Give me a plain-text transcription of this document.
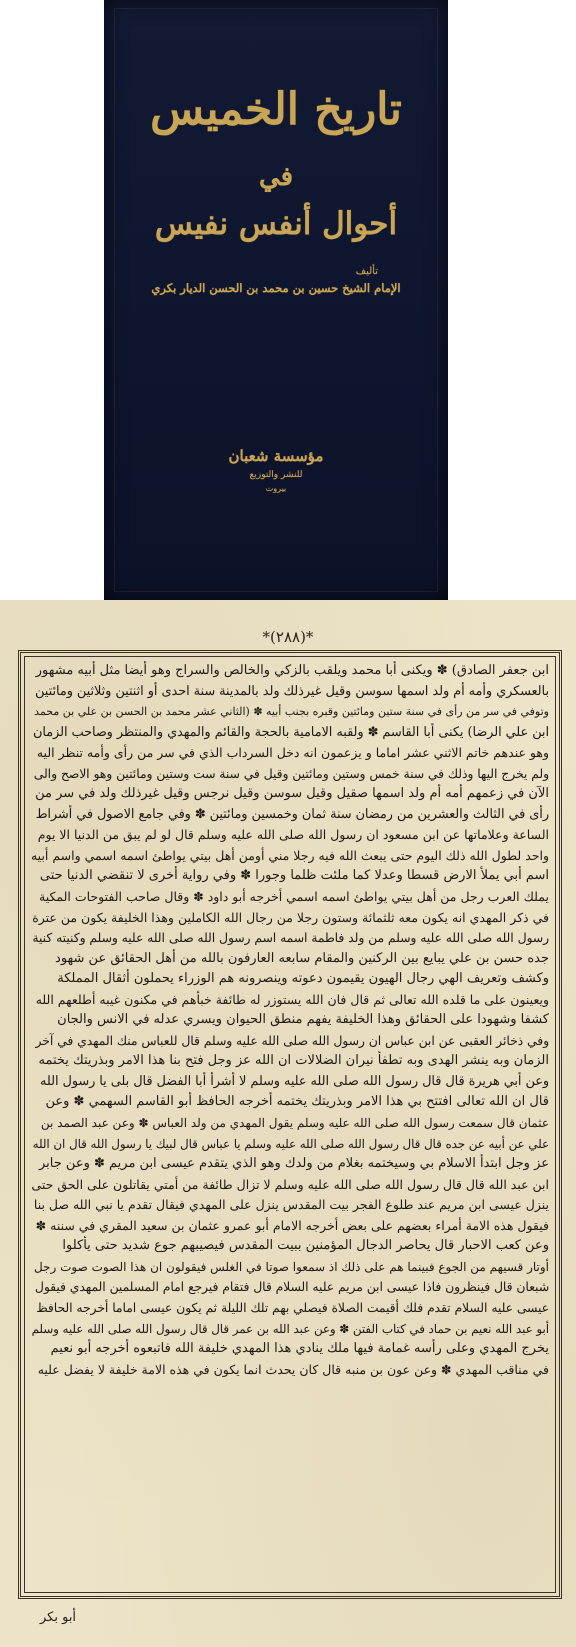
تاريخ الخميس
في
أحوال أنفس نفيس
تأليف
الإمام الشيخ حسين بن محمد بن الحسن الديار بكري
مؤسسة شعبان
للنشر والتوزيع
بيروت
*(٢٨٨)*
ابن جعفر الصادق) ✽ ويكنى أبا محمد ويلقب بالزكي والخالص والسراج وهو أيضا مثل أبيه مشهور
بالعسكري وأمه أم ولد اسمها سوسن وقيل غيرذلك ولد بالمدينة سنة احدى أو اثنتين وثلاثين ومائتين
وتوفي في سر من رأى في سنة ستين ومائتين وقبره بجنب أبيه ✽ (الثاني عشر محمد بن الحسن بن علي بن محمد
ابن علي الرضا) يكنى أبا القاسم ✽ ولقبه الامامية بالحجة والقائم والمهدي والمنتظر وصاحب الزمان
وهو عندهم خاتم الاثني عشر اماما و يزعمون انه دخل السرداب الذي في سر من رأى وأمه تنظر اليه
ولم يخرج اليها وذلك في سنة خمس وستين ومائتين وقيل في سنة ست وستين ومائتين وهو الاصح والى
الآن في زعمهم أمه أم ولد اسمها صقيل وقيل سوسن وقيل نرجس وقيل غيرذلك ولد في سر من
رأى في الثالث والعشرين من رمضان سنة ثمان وخمسين ومائتين ✽ وفي جامع الاصول في أشراط
الساعة وعلاماتها عن ابن مسعود ان رسول الله صلى الله عليه وسلم قال لو لم يبق من الدنيا الا يوم
واحد لطول الله ذلك اليوم حتى يبعث الله فيه رجلا مني أومن أهل بيتي يواطئ اسمه اسمي واسم أبيه
اسم أبي يملأ الارض قسطا وعدلا كما ملئت ظلما وجورا ✽ وفي رواية أخرى لا تنقضي الدنيا حتى
يملك العرب رجل من أهل بيتي يواطئ اسمه اسمي أخرجه أبو داود ✽ وقال صاحب الفتوحات المكية
في ذكر المهدي انه يكون معه ثلثمائة وستون رجلا من رجال الله الكاملين وهذا الخليفة يكون من عترة
رسول الله صلى الله عليه وسلم من ولد فاطمة اسمه اسم رسول الله صلى الله عليه وسلم وكنيته كنية
جده حسن بن علي يبايع بين الركنين والمقام سابعه العارفون بالله من أهل الحقائق عن شهود
وكشف وتعريف الهي رجال الهيون يقيمون دعوته وينصرونه هم الوزراء يحملون أثقال المملكة
ويعينون على ما قلده الله تعالى ثم قال فان الله يستوزر له طائفة خبأهم في مكنون غيبه أطلعهم الله
كشفا وشهودا على الحقائق وهذا الخليفة يفهم منطق الحيوان ويسري عدله في الانس والجان
وفي ذخائر العقبى عن ابن عباس ان رسول الله صلى الله عليه وسلم قال للعباس منك المهدي في آخر
الزمان وبه ينشر الهدى وبه تطفأ نيران الضلالات ان الله عز وجل فتح بنا هذا الامر وبذريتك يختمه
وعن أبي هريرة قال قال رسول الله صلى الله عليه وسلم لا أشرأ أبا الفضل قال بلى يا رسول الله
قال ان الله تعالى افتتح بي هذا الامر وبذريتك يختمه أخرجه الحافظ أبو القاسم السهمي ✽ وعن
عثمان قال سمعت رسول الله صلى الله عليه وسلم يقول المهدي من ولد العباس ✽ وعن عبد الصمد بن
علي عن أبيه عن جده قال قال رسول الله صلى الله عليه وسلم يا عباس قال لبيك يا رسول الله قال ان الله
عز وجل ابتدأ الاسلام بي وسيختمه بغلام من ولدك وهو الذي يتقدم عيسى ابن مريم ✽ وعن جابر
ابن عبد الله قال قال رسول الله صلى الله عليه وسلم لا تزال طائفة من أمتي يقاتلون على الحق حتى
ينزل عيسى ابن مريم عند طلوع الفجر بيت المقدس ينزل على المهدي فيقال تقدم يا نبي الله صل بنا
فيقول هذه الامة أمراء بعضهم على بعض أخرجه الامام أبو عمرو عثمان بن سعيد المقري في سننه ✽
وعن كعب الاحبار قال يحاصر الدجال المؤمنين ببيت المقدس فيصيبهم جوع شديد حتى يأكلوا
أوتار قسيهم من الجوع فبينما هم على ذلك اذ سمعوا صوتا في الغلس فيقولون ان هذا الصوت صوت رجل
شبعان قال فينظرون فاذا عيسى ابن مريم عليه السلام قال فتقام فيرجع امام المسلمين المهدي فيقول
عيسى عليه السلام تقدم فلك أقيمت الصلاة فيصلي بهم تلك الليلة ثم يكون عيسى اماما أخرجه الحافظ
أبو عبد الله نعيم بن حماد في كتاب الفتن ✽ وعن عبد الله بن عمر قال قال رسول الله صلى الله عليه وسلم
يخرج المهدي وعلى رأسه غمامة فيها ملك ينادي هذا المهدي خليفة الله فاتبعوه أخرجه أبو نعيم
في مناقب المهدي ✽ وعن عون بن منبه قال كان يحدث انما يكون في هذه الامة خليفة لا يفضل عليه
أبو بكر
